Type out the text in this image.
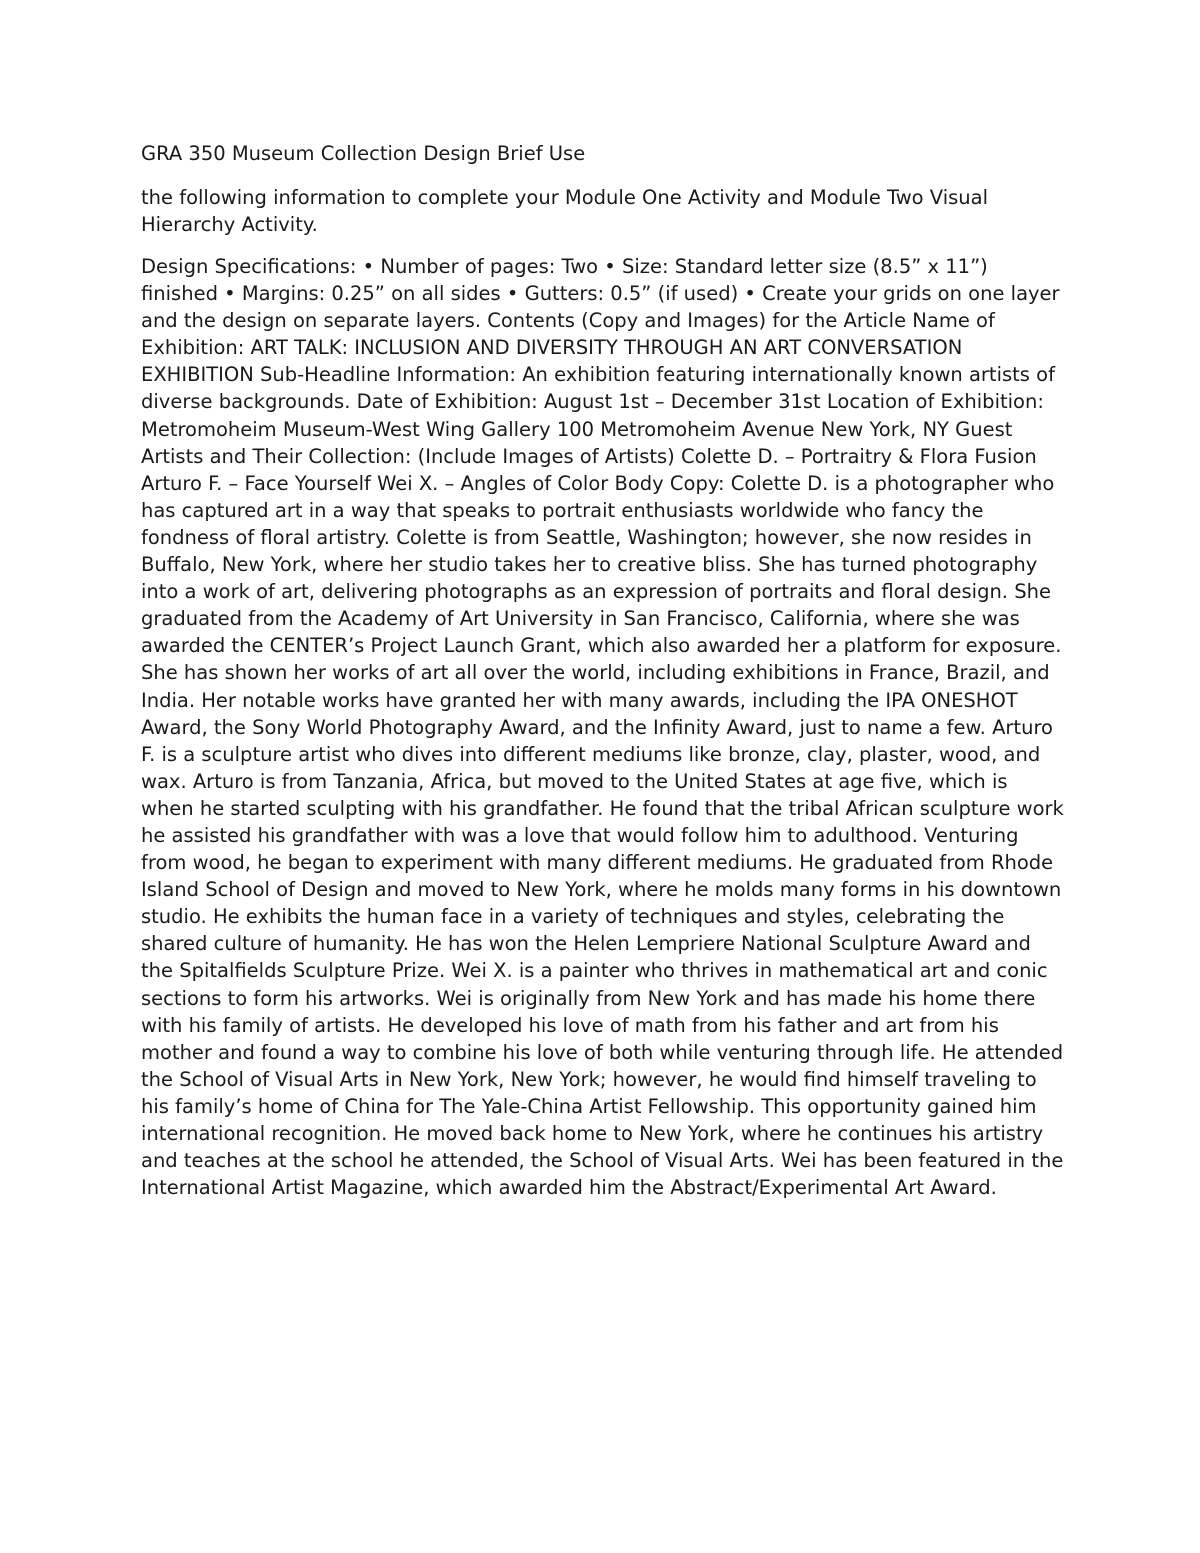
GRA 350 Museum Collection Design Brief Use

the following information to complete your Module One Activity and Module Two Visual Hierarchy Activity.

Design Specifications: • Number of pages: Two • Size: Standard letter size (8.5” x 11”) finished • Margins: 0.25” on all sides • Gutters: 0.5” (if used) • Create your grids on one layer and the design on separate layers. Contents (Copy and Images) for the Article Name of Exhibition: ART TALK: INCLUSION AND DIVERSITY THROUGH AN ART CONVERSATION EXHIBITION Sub-Headline Information: An exhibition featuring internationally known artists of diverse backgrounds. Date of Exhibition: August 1st – December 31st Location of Exhibition: Metromoheim Museum-West Wing Gallery 100 Metromoheim Avenue New York, NY Guest Artists and Their Collection: (Include Images of Artists) Colette D. – Portraitry & Flora Fusion Arturo F. – Face Yourself Wei X. – Angles of Color Body Copy: Colette D. is a photographer who has captured art in a way that speaks to portrait enthusiasts worldwide who fancy the fondness of floral artistry. Colette is from Seattle, Washington; however, she now resides in Buffalo, New York, where her studio takes her to creative bliss. She has turned photography into a work of art, delivering photographs as an expression of portraits and floral design. She graduated from the Academy of Art University in San Francisco, California, where she was awarded the CENTER’s Project Launch Grant, which also awarded her a platform for exposure. She has shown her works of art all over the world, including exhibitions in France, Brazil, and India. Her notable works have granted her with many awards, including the IPA ONESHOT Award, the Sony World Photography Award, and the Infinity Award, just to name a few. Arturo F. is a sculpture artist who dives into different mediums like bronze, clay, plaster, wood, and wax. Arturo is from Tanzania, Africa, but moved to the United States at age five, which is when he started sculpting with his grandfather. He found that the tribal African sculpture work he assisted his grandfather with was a love that would follow him to adulthood. Venturing from wood, he began to experiment with many different mediums. He graduated from Rhode Island School of Design and moved to New York, where he molds many forms in his downtown studio. He exhibits the human face in a variety of techniques and styles, celebrating the shared culture of humanity. He has won the Helen Lempriere National Sculpture Award and the Spitalfields Sculpture Prize. Wei X. is a painter who thrives in mathematical art and conic sections to form his artworks. Wei is originally from New York and has made his home there with his family of artists. He developed his love of math from his father and art from his mother and found a way to combine his love of both while venturing through life. He attended the School of Visual Arts in New York, New York; however, he would find himself traveling to his family’s home of China for The Yale-China Artist Fellowship. This opportunity gained him international recognition. He moved back home to New York, where he continues his artistry and teaches at the school he attended, the School of Visual Arts. Wei has been featured in the International Artist Magazine, which awarded him the Abstract/Experimental Art Award.
